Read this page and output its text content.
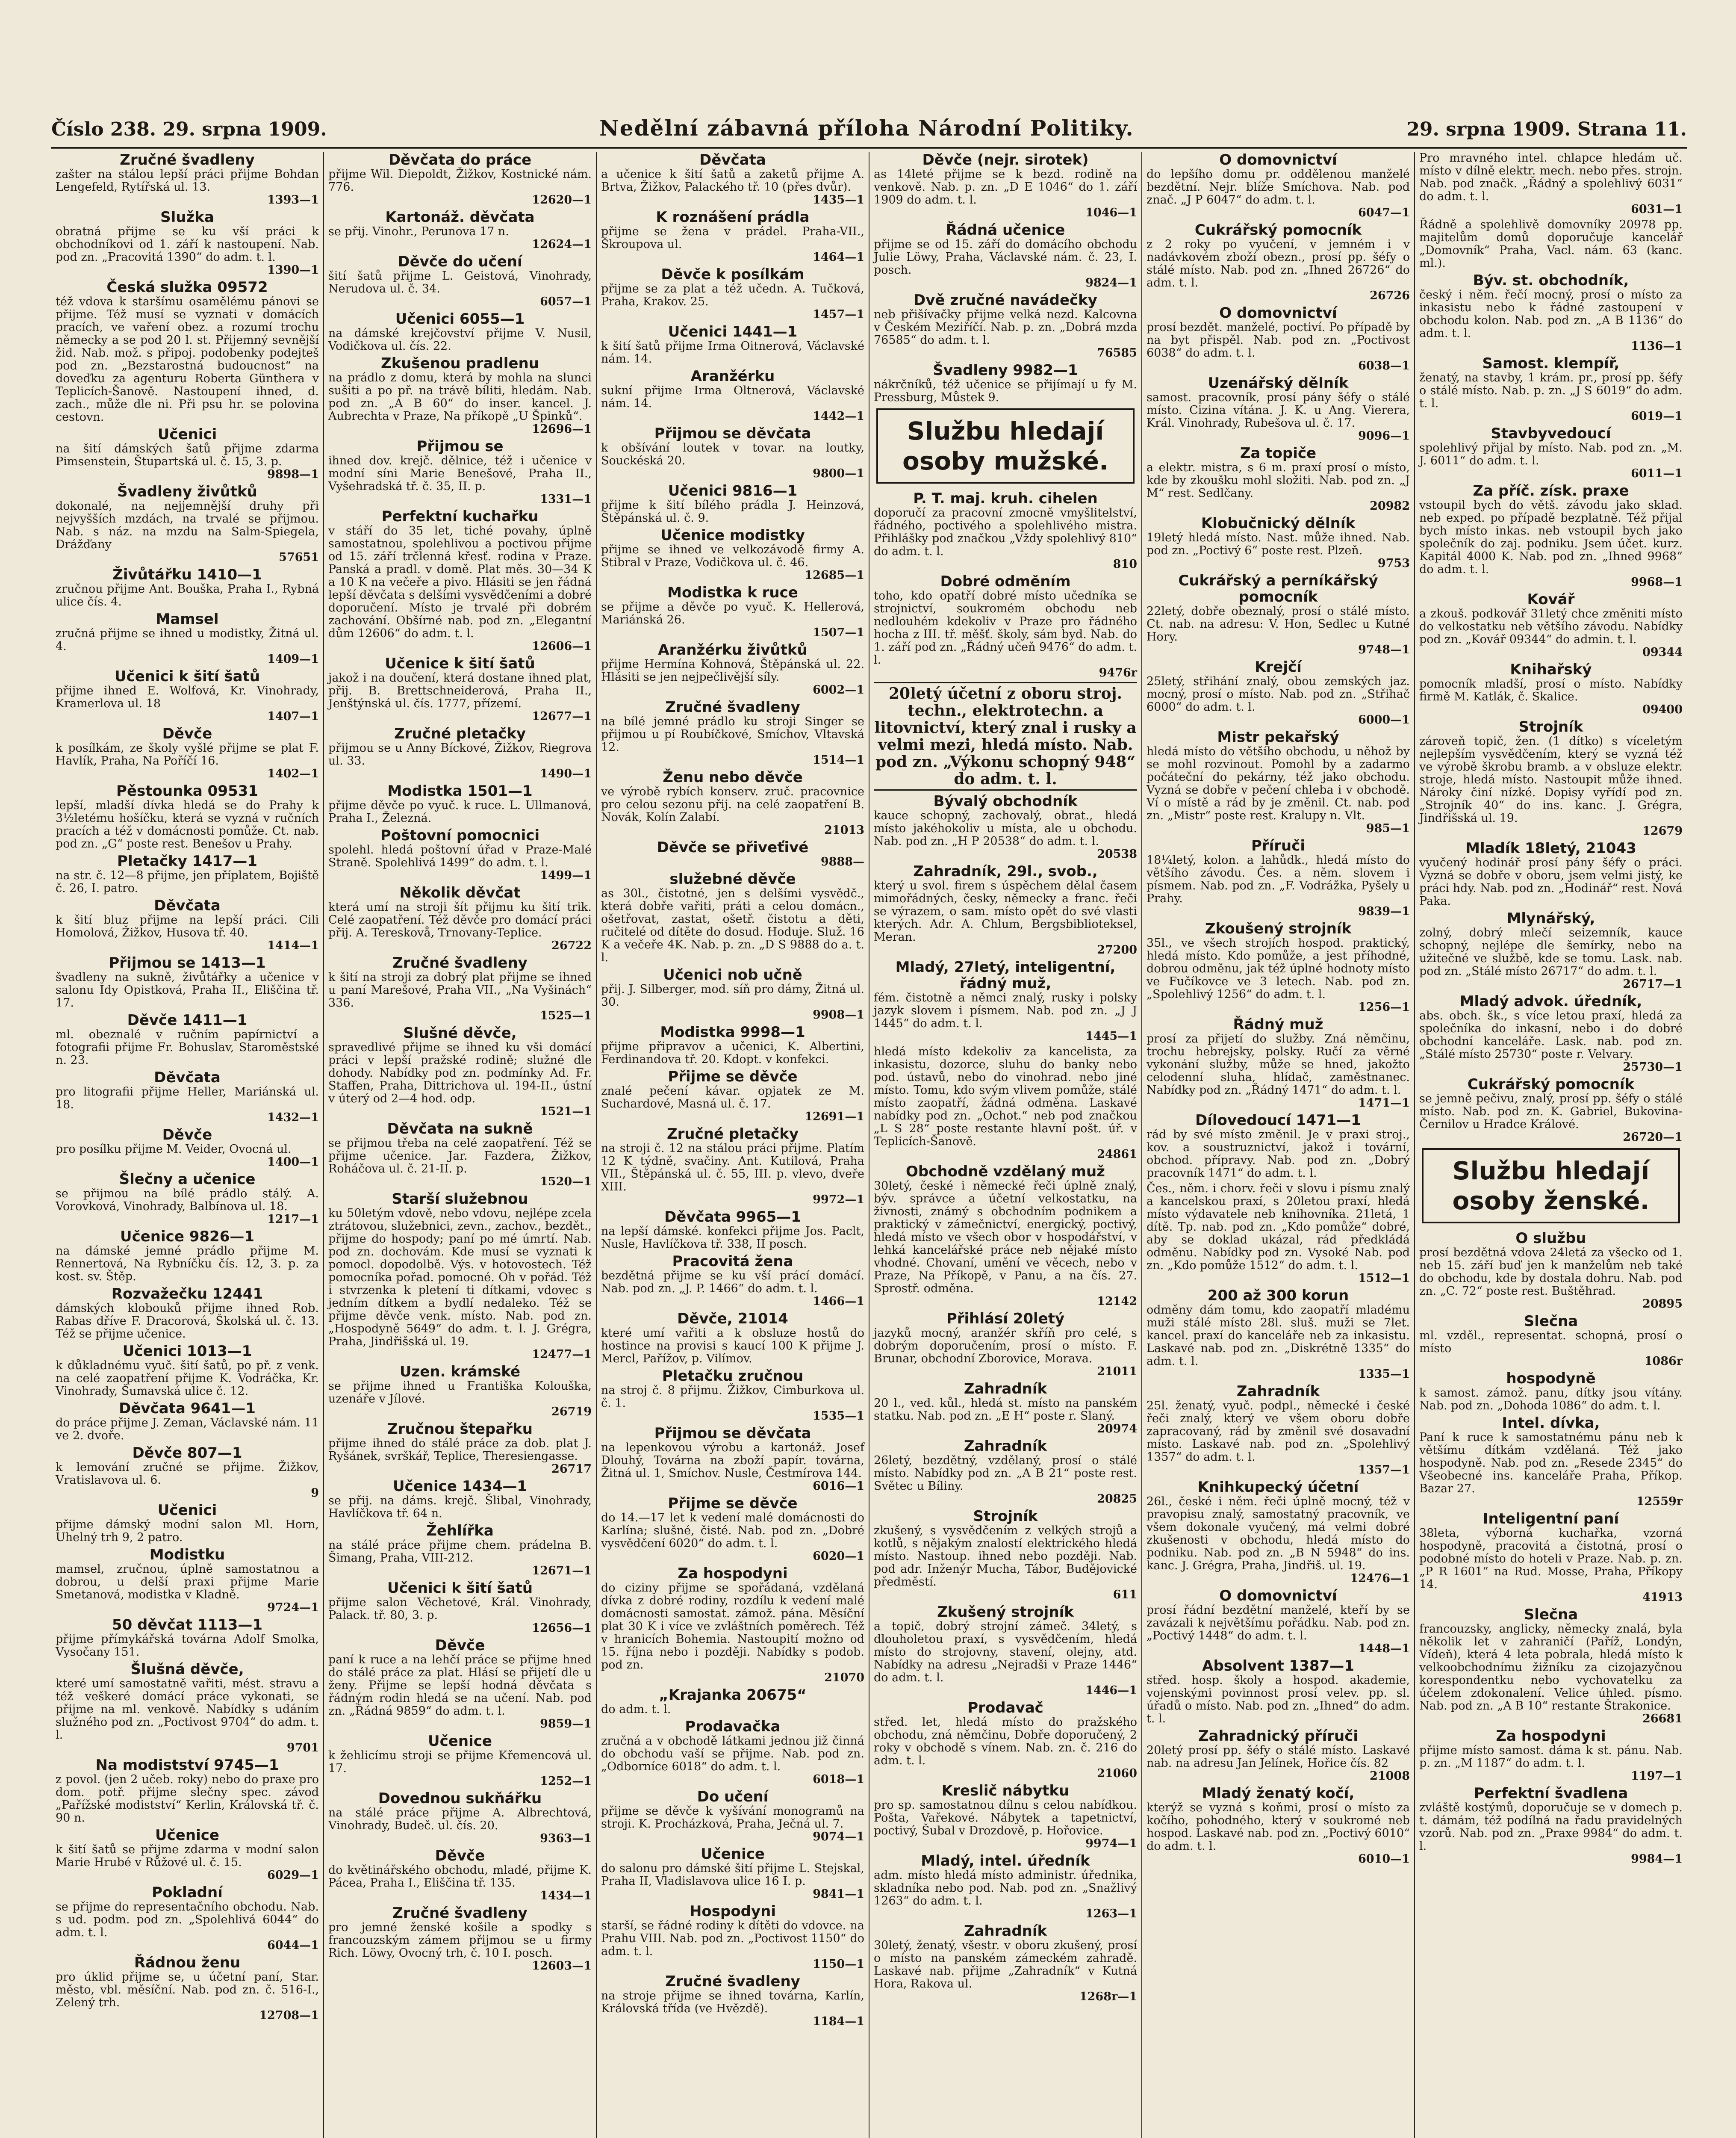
Číslo 238. 29. srpna 1909.	Nedělní zábavná příloha Národní Politiky.	29. srpna 1909. Strana 11.
Zručné švadleny
zašter na stálou lepší práci přijme Bohdan Lengefeld, Rytířská ul. 13.
1393—1
Služka
obratná přijme se ku vší práci k obchodníkovi od 1. září k nastoupení. Nab. pod zn. „Pracovitá 1390“ do adm. t. l.
1390—1
Česká služka 09572
též vdova k staršímu osamělému pánovi se přijme. Též musí se vyznati v domácích pracích, ve vaření obez. a rozumí trochu německy a se pod 20 l. st. Přijemný sevnější žid. Nab. mož. s připoj. podobenky podejteš pod zn. „Bezstarostná budoucnost“ na doveďku za agenturu Roberta Günthera v Teplicích-Šanově. Nastoupení ihned, d. zach., může dle ni. Při psu hr. se polovina cestovn.
Učenici
na šití dámských šatů přijme zdarma Pimsenstein, Štupartská ul. č. 15, 3. p.
9898—1
Švadleny živůtků
dokonalé, na nejjemnější druhy při nejvyšších mzdách, na trvalé se přijmou. Nab. s náz. na mzdu na Salm-Spiegela, Drážďany
57651
Živůtářku 1410—1
zručnou přijme Ant. Bouška, Praha I., Rybná ulice čís. 4.
Mamsel
zručná přijme se ihned u modistky, Žitná ul. 4.
1409—1
Učenici k šití šatů
přijme ihned E. Wolfová, Kr. Vinohrady, Kramerlova ul. 18
1407—1
Děvče
k posílkám, ze školy vyšlé přijme se plat F. Havlík, Praha, Na Poříčí 16.
1402—1
Pěstounka 09531
lepší, mladší dívka hledá se do Prahy k 3½letému hošíčku, která se vyzná v ručních pracích a též v domácnosti pomůže. Ct. nab. pod zn. „G“ poste rest. Benešov u Prahy.
Pletačky 1417—1
na str. č. 12—8 přijme, jen příplatem, Bojiště č. 26, I. patro.
Děvčata
k šití bluz přijme na lepší práci. Cili Homolová, Žižkov, Husova tř. 40.
1414—1
Přijmou se 1413—1
švadleny na sukně, živůtářky a učenice v salonu Idy Opistková, Praha II., Eliščina tř. 17.
Děvče 1411—1
ml. obeznalé v ručním papírnictví a fotografii přijme Fr. Bohuslav, Staroměstské n. 23.
Děvčata
pro litografii přijme Heller, Mariánská ul. 18.
1432—1
Děvče
pro posílku přijme M. Veider, Ovocná ul.
1400—1
Šlečny a učenice
se přijmou na bílé prádlo stálý. A. Vorovková, Vinohrady, Balbínova ul. 18.
1217—1
Učenice 9826—1
na dámské jemné prádlo přijme M. Rennertová, Na Rybníčku čís. 12, 3. p. za kost. sv. Štěp.
Rozvažečku 12441
dámských klobouků přijme ihned Rob. Rabas dříve F. Dracorová, Školská ul. č. 13. Též se přijme učenice.
Učenici 1013—1
k důkladnému vyuč. šití šatů, po př. z venk. na celé zaopatření přijme K. Vodráčka, Kr. Vinohrady, Šumavská ulice č. 12.
Děvčata 9641—1
do práce přijme J. Zeman, Václavské nám. 11 ve 2. dvoře.
Děvče 807—1
k lemování zručné se přijme. Žižkov, Vratislavova ul. 6.
9
Učenici
přijme dámský modní salon Ml. Horn, Uhelný trh 9, 2 patro.
Modistku
mamsel, zručnou, úplně samostatnou a dobrou, u delší praxi přijme Marie Smetanová, modistka v Kladně.
9724—1
50 děvčat 1113—1
přijme přímykářská továrna Adolf Smolka, Vysočany 151.
Šlušná děvče,
které umí samostatně vařiti, mést. stravu a též veškeré domácí práce vykonati, se přijme na ml. venkově. Nabídky s udáním služného pod zn. „Poctivost 9704“ do adm. t. l.
9701
Na modistství 9745—1
z povol. (jen 2 učeb. roky) nebo do praxe pro dom. potř. přijme slečny spec. závod „Pařížské modistství“ Kerlin, Královská tř. č. 90 n.
Učenice
k šití šatů se přijme zdarma v modní salon Marie Hrubé v Růžové ul. č. 15.
6029—1
Pokladní
se přijme do representačního obchodu. Nab. s ud. podm. pod zn. „Spolehlivá 6044“ do adm. t. l.
6044—1
Řádnou ženu
pro úklid přijme se, u účetní paní, Star. město, vbl. měsíční. Nab. pod zn. č. 516-I., Zelený trh.
12708—1
Děvčata do práce
přijme Wil. Diepoldt, Žižkov, Kostnické nám. 776.
12620—1
Kartonáž. děvčata
se přij. Vinohr., Perunova 17 n.
12624—1
Děvče do učení
šití šatů přijme L. Geistová, Vinohrady, Nerudova ul. č. 34.
6057—1
Učenici 6055—1
na dámské krejčovství přijme V. Nusil, Vodičkova ul. čís. 22.
Zkušenou pradlenu
na prádlo z domu, která by mohla na slunci sušiti a po př. na trávě bíliti, hledám. Nab. pod zn. „A B 60“ do inser. kancel. J. Aubrechta v Praze, Na příkopě „U Špinků“.
12696—1
Přijmou se
ihned dov. krejč. dělnice, též i učenice v modní síni Marie Benešové, Praha II., Vyšehradská tř. č. 35, II. p.
1331—1
Perfektní kuchařku
v stáří do 35 let, tiché povahy, úplně samostatnou, spolehlivou a poctivou přijme od 15. září trčlenná křesť. rodina v Praze. Panská a pradl. v domě. Plat měs. 30—34 K a 10 K na večeře a pivo. Hlásiti se jen řádná lepší děvčata s delšími vysvědčeními a dobré doporučení. Místo je trvalé při dobrém zachování. Obšírné nab. pod zn. „Elegantní dům 12606“ do adm. t. l.
12606—1
Učenice k šití šatů
jakož i na doučení, která dostane ihned plat, přij. B. Brettschneiderová, Praha II., Jenštýnská ul. čís. 1777, přízemí.
12677—1
Zručné pletačky
přijmou se u Anny Bíckové, Žižkov, Riegrova ul. 33.
1490—1
Modistka 1501—1
přijme děvče po vyuč. k ruce. L. Ullmanová, Praha I., Železná.
Poštovní pomocnici
spolehl. hledá poštovní úřad v Praze-Malé Straně. Spolehlivá 1499“ do adm. t. l.
1499—1
Několik děvčat
která umí na stroji šít přijmu ku šití trik. Celé zaopatření. Též děvče pro domácí práci přij. A. Tereskovå, Trnovany-Teplice.
26722
Zručné švadleny
k šití na stroji za dobrý plat přijme se ihned u paní Marešové, Praha VII., „Na Vyšinách“ 336.
1525—1
Slušné děvče,
spravedlivé přijme se ihned ku vši domácí práci v lepší pražské rodině; služné dle dohody. Nabídky pod zn. podmínky Ad. Fr. Staffen, Praha, Dittrichova ul. 194-II., ústní v úterý od 2—4 hod. odp.
1521—1
Děvčata na sukně
se přijmou třeba na celé zaopatření. Též se přijme učenice. Jar. Fazdera, Žižkov, Roháčova ul. č. 21-II. p.
1520—1
Starší služebnou
ku 50letým vdově, nebo vdovu, nejlépe zcela ztrátovou, služebnici, zevn., zachov., bezdět., přijme do hospody; paní po mé úmrtí. Nab. pod zn. dochovám. Kde musí se vyznati k pomocl. dopodolbě. Výs. v hotovostech. Též pomocníka pořad. pomocné. Oh v pořád. Též i stvrzenka k pletení ti dítkami, vdovec s jedním dítkem a bydlí nedaleko. Též se přijme děvče venk. místo. Nab. pod zn. „Hospodyně 5649“ do adm. t. l. J. Grégra, Praha, Jindřišská ul. 19.
12477—1
Uzen. krámské
se přijme ihned u Františka Kolouška, uzenáře v Jílové.
26719
Zručnou štepařku
přijme ihned do stálé práce za dob. plat J. Ryšánek, svrškář, Teplice, Theresiengasse.
26717
Učenice 1434—1
se přij. na dáms. krejč. Šlibal, Vinohrady, Havlíčkova tř. 64 n.
Žehlířka
na stálé práce přijme chem. prádelna B. Šimang, Praha, VIII-212.
12671—1
Učenici k šití šatů
přijme salon Věchetové, Král. Vinohrady, Palack. tř. 80, 3. p.
12656—1
Děvče
paní k ruce a na lehčí práce se přijme hned do stálé práce za plat. Hlásí se přijetí dle u ženy. Přijme se lepší hodná děvčata s řádným rodin hledá se na učení. Nab. pod zn. „Řádná 9859“ do adm. t. l.
9859—1
Učenice
k žehlicímu stroji se přijme Křemencová ul. 17.
1252—1
Dovednou sukňářku
na stálé práce přijme A. Albrechtová, Vinohrady, Budeč. ul. čís. 20.
9363—1
Děvče
do květinářského obchodu, mladé, přijme K. Pácea, Praha I., Eliščina tř. 135.
1434—1
Zručné švadleny
pro jemné ženské košile a spodky s francouzským zámem přijmou se u firmy Rich. Löwy, Ovocný trh, č. 10 I. posch.
12603—1
Děvčata
a učenice k šití šatů a zaketů přijme A. Brtva, Žižkov, Palackého tř. 10 (přes dvůr).
1435—1
K roznášení prádla
přijme se žena v prádel. Praha-VII., Škroupova ul.
1464—1
Děvče k posílkám
přijme se za plat a též učedn. A. Tučková, Praha, Krakov. 25.
1457—1
Učenici 1441—1
k šití šatů přijme Irma Oitnerová, Václavské nám. 14.
Aranžérku
sukní přijme Irma Oltnerová, Václavské nám. 14.
1442—1
Přijmou se děvčata
k obšívání loutek v tovar. na loutky, Souckéská 20.
9800—1
Učenici 9816—1
přijme k šití bílého prádla J. Heinzová, Štěpánská ul. č. 9.
Učenice modistky
přijme se ihned ve velkozávodě firmy A. Stibral v Praze, Vodičkova ul. č. 46.
12685—1
Modistka k ruce
se přijme a děvče po vyuč. K. Hellerová, Mariánská 26.
1507—1
Aranžérku živůtků
přijme Hermína Kohnová, Štěpánská ul. 22. Hlásiti se jen nejpečlivější síly.
6002—1
Zručné švadleny
na bílé jemné prádlo ku stroji Singer se přijmou u pí Roubíčkové, Smíchov, Vltavská 12.
1514—1
Ženu nebo děvče
ve výrobě rybích konserv. zruč. pracovnice pro celou sezonu přij. na celé zaopatření B. Novák, Kolín Zalabí.
21013
Děvče se přiveťivé
9888—
služebné děvče
as 30l., čistotné, jen s delšími vysvědč., která dobře vařiti, práti a celou domácn., ošetřovat, zastat, ošetř. čistotu a děti, ručitelé od dítěte do dosud. Hoduje. Služ. 16 K a večeře 4K. Nab. p. zn. „D S 9888 do a. t. l.
Učenici nob učně
přij. J. Silberger, mod. síň pro dámy, Žitná ul. 30.
9908—1
Modistka 9998—1
přijme připravov a učenici, K. Albertini, Ferdinandova tř. 20. Kdopt. v konfekci.
Přijme se děvče
znalé pečení kávar. opjatek ze M. Suchardové, Masná ul. č. 17.
12691—1
Zručné pletačky
na stroji č. 12 na stálou práci přijme. Platím 12 K týdně, svačiny. Ant. Kutilová, Praha VII., Štěpánská ul. č. 55, III. p. vlevo, dveře XIII.
9972—1
Děvčata 9965—1
na lepší dámské. konfekci přijme Jos. Paclt, Nusle, Havlíčkova tř. 338, II posch.
Pracovitá žena
bezdětná přijme se ku vší prácí domácí. Nab. pod zn. „J. P. 1466“ do adm. t. l.
1466—1
Děvče, 21014
které umí vařiti a k obsluze hostů do hostince na provisi s kaucí 100 K přijme J. Mercl, Pařížov, p. Vilímov.
Pletačku zručnou
na stroj č. 8 přijmu. Žižkov, Cimburkova ul. č. 1.
1535—1
Přijmou se děvčata
na lepenkovou výrobu a kartonáž. Josef Dlouhý, Továrna na zboží papír. továrna, Žitná ul. 1, Smíchov. Nusle, Čestmírova 144.
6016—1
Přijme se děvče
do 14.—17 let k vedení malé domácnosti do Karlína; slušné, čisté. Nab. pod zn. „Dobré vysvědčení 6020“ do adm. t. l.
6020—1
Za hospodyni
do ciziny přijme se spořádaná, vzdělaná dívka z dobré rodiny, rozdílu k vedení malé domácnosti samostat. zámož. pána. Měsíční plat 30 K i více ve zvláštních poměrech. Též v hranicích Bohemia. Nastoupití možno od 15. října nebo i později. Nabídky s podob. pod zn.
21070
„Krajanka 20675“
do adm. t. l.
Prodavačka
zručná a v obchodě látkami jednou již činná do obchodu vaší se přijme. Nab. pod zn. „Odborníce 6018“ do adm. t. l.
6018—1
Do učení
přijme se děvče k vyšívání monogramů na stroji. K. Procházková, Praha, Ječná ul. 7.
9074—1
Učenice
do salonu pro dámské šití přijme L. Stejskal, Praha II, Vladislavova ulice 16 I. p.
9841—1
Hospodyni
starší, se řádné rodiny k dítěti do vdovce. na Prahu VIII. Nab. pod zn. „Poctivost 1150“ do adm. t. l.
1150—1
Zručné švadleny
na stroje přijme se ihned továrna, Karlín, Královská třída (ve Hvězdě).
1184—1
Děvče (nejr. sirotek)
as 14leté přijme se k bezd. rodině na venkově. Nab. p. zn. „D E 1046“ do 1. září 1909 do adm. t. l.
1046—1
Řádná učenice
přijme se od 15. září do domácího obchodu Julie Löwy, Praha, Václavské nám. č. 23, I. posch.
9824—1
Dvě zručné navádečky
neb přišívačky přijme velká nezd. Kalcovna v Českém Meziříčí. Nab. p. zn. „Dobrá mzda 76585“ do adm. t. l.
76585
Švadleny 9982—1
nákrčníků, též učenice se přijímají u fy M. Pressburg, Můstek 9.
Službu hledají osoby mužské.
P. T. maj. kruh. cihelen
doporučí za pracovní zmocně vmyšlitelství, řádného, poctivého a spolehlivého mistra. Přihlášky pod značkou „Vždy spolehlivý 810“ do adm. t. l.
810
Dobré odměním
toho, kdo opatří dobré místo učedníka se strojnictví, soukromém obchodu neb nedlouhém kdekoliv v Praze pro řádného hocha z III. tř. měšť. školy, sám byd. Nab. do 1. září pod zn. „Řádný učeň 9476“ do adm. t. l.
9476r
20letý účetní z oboru stroj. techn., elektrotechn. a litovnictví, který znal i rusky a velmi mezi, hledá místo. Nab. pod zn. „Výkonu schopný 948“ do adm. t. l.
Bývalý obchodník
kauce schopný, zachovalý, obrat., hledá místo jakéhokoliv u místa, ale u obchodu. Nab. pod zn. „H P 20538“ do adm. t. l.
20538
Zahradník, 29l., svob.,
který u svol. firem s úspěchem dělal časem mimořádných, česky, německy a franc. řeči se výrazem, o sam. místo opět do své vlasti kterých. Adr. A. Chlum, Bergsbiblioteksel, Meran.
27200
Mladý, 27letý, inteligentní, řádný muž,
fém. čistotně a němci znalý, rusky i polsky jazyk slovem i písmem. Nab. pod zn. „J J 1445“ do adm. t. l.
1445—1
hledá místo kdekoliv za kancelista, za inkasistu, dozorce, sluhu do banky nebo pod. ústavů, nebo do vinohrad. nebo jiné místo. Tomu, kdo svým vlivem pomůže, stálé místo zaopatří, žádná odměna. Laskavé nabídky pod zn. „Ochot.“ neb pod značkou „L S 28“ poste restante hlavní pošt. úř. v Teplicích-Šanově.
24861
Obchodně vzdělaný muž
30letý, české i německé řeči úplně znalý, býv. správce a účetní velkostatku, na živnosti, známý s obchodním podnikem a praktický v zámečnictví, energický, poctivý, hledá místo ve všech obor v hospodářství, v lehká kancelářské práce neb nějaké místo vhodné. Chovaní, umění ve věcech, nebo v Praze, Na Příkopě, v Panu, a na čís. 27. Sprostř. odměna.
12142
Přihlásí 20letý
jazyků mocný, aranžér skříň pro celé, s dobrým doporučením, prosí o místo. F. Brunar, obchodní Zborovice, Morava.
21011
Zahradník
20 l., ved. kůl., hledá st. místo na panském statku. Nab. pod zn. „E H“ poste r. Slaný.
20974
Zahradník
26letý, bezdětný, vzdělaný, prosí o stálé místo. Nabídky pod zn. „A B 21“ poste rest. Světec u Bíliny.
20825
Strojník
zkušený, s vysvědčením z velkých strojů a kotlů, s nějakým znalostí elektrického hledá místo. Nastoup. ihned nebo později. Nab. pod adr. Inženýr Mucha, Tábor, Budějovické předměstí.
611
Zkušený strojník
a topič, dobrý strojní zámeč. 34letý, s dlouholetou praxí, s vysvědčením, hledá místo do strojovny, stavení, olejny, atd. Nabídky na adresu „Nejradši v Praze 1446“ do adm. t. l.
1446—1
Prodavač
střed. let, hledá místo do pražského obchodu, zná němčinu, Dobře doporučený, 2 roky v obchodě s vínem. Nab. zn. č. 216 do adm. t. l.
21060
Kreslič nábytku
pro sp. samostatnou dílnu s celou nabídkou. Pošta, Vařekové. Nábytek a tapetnictví, poctivý, Šubal v Drozdově, p. Hořovice.
9974—1
Mladý, intel. úředník
adm. místo hledá místo administr. úřednika, skladníka nebo pod. Nab. pod zn. „Snažlivý 1263“ do adm. t. l.
1263—1
Zahradník
30letý, ženatý, všestr. v oboru zkušený, prosí o místo na panském zámeckém zahradě. Laskavé nab. přijme „Zahradník“ v Kutná Hora, Rakova ul.
1268r—1
O domovnictví
do lepšího domu pr. oddělenou manželé bezdětní. Nejr. blíže Smíchova. Nab. pod znač. „J P 6047“ do adm. t. l.
6047—1
Cukrářský pomocník
z 2 roky po vyučení, v jemném i v nadávkovém zboží obezn., prosí pp. šéfy o stálé místo. Nab. pod zn. „Ihned 26726“ do adm. t. l.
26726
O domovnictví
prosí bezdět. manželé, poctiví. Po případě by na byt přispěl. Nab. pod zn. „Poctivost 6038“ do adm. t. l.
6038—1
Uzenářský dělník
samost. pracovník, prosí pány šéfy o stálé místo. Cizina vítána. J. K. u Ang. Vierera, Král. Vinohrady, Rubešova ul. č. 17.
9096—1
Za topiče
a elektr. mistra, s 6 m. praxí prosí o místo, kde by zkoušku mohl složiti. Nab. pod zn. „J M“ rest. Sedlčany.
20982
Klobučnický dělník
19letý hledá místo. Nast. může ihned. Nab. pod zn. „Poctivý 6“ poste rest. Plzeň.
9753
Cukrářský a perníkářský pomocník
22letý, dobře obeznalý, prosí o stálé místo. Ct. nab. na adresu: V. Hon, Sedlec u Kutné Hory.
9748—1
Krejčí
25letý, střihání znalý, obou zemských jaz. mocný, prosí o místo. Nab. pod zn. „Střihač 6000“ do adm. t. l.
6000—1
Mistr pekařský
hledá místo do většího obchodu, u něhož by se mohl rozvinout. Pomohl by a zadarmo počáteční do pekárny, též jako obchodu. Vyzná se dobře v pečení chleba i v obchodě. Ví o místě a rád by je změnil. Ct. nab. pod zn. „Mistr“ poste rest. Kralupy n. Vlt.
985—1
Příruči
18¼letý, kolon. a lahůdk., hledá místo do většího závodu. Čes. a něm. slovem i písmem. Nab. pod zn. „F. Vodrážka, Pyšely u Prahy.
9839—1
Zkoušený strojník
35l., ve všech strojích hospod. praktický, hledá místo. Kdo pomůže, a jest příhodné, dobrou odměnu, jak též úplné hodnoty místo ve Fučíkovce ve 3 letech. Nab. pod zn. „Spolehlivý 1256“ do adm. t. l.
1256—1
Řádný muž
prosí za přijetí do služby. Zná němčinu, trochu hebrejsky, polsky. Ručí za věrné vykonání služby, může se hned, jakožto celodenní sluha, hlídač, zaměstnanec. Nabídky pod zn. „Řádný 1471“ do adm. t. l.
1471—1
Dílovedoucí 1471—1
rád by své místo změnil. Je v praxi stroj., kov. a soustruznictví, jakož i tovární, obchod. přípravy. Nab. pod zn. „Dobrý pracovník 1471“ do adm. t. l.
Čes., něm. i chorv. řeči v slovu i písmu znalý a kancelskou praxí, s 20letou praxí, hledá místo výdavatele neb knihovníka. 21letá, 1 dítě. Tp. nab. pod zn. „Kdo pomůže“ dobré, aby se doklad ukázal, rád předkládá odměnu. Nabídky pod zn. Vysoké Nab. pod zn. „Kdo pomůže 1512“ do adm. t. l.
1512—1
200 až 300 korun
odměny dám tomu, kdo zaopatří mladému muži stálé místo 28l. sluš. muži se 7let. kancel. praxí do kanceláře neb za inkasistu. Laskavé nab. pod zn. „Diskrétně 1335“ do adm. t. l.
1335—1
Zahradník
25l. ženatý, vyuč. podpl., německé i české řeči znalý, který ve všem oboru dobře zapracovaný, rád by změnil své dosavadní místo. Laskavé nab. pod zn. „Spolehlivý 1357“ do adm. t. l.
1357—1
Knihkupecký účetní
26l., české i něm. řeči úplně mocný, též v pravopisu znalý, samostatný pracovník, ve všem dokonale vyučený, má velmi dobré zkušenosti v obchodu, hledá místo do podniku. Nab. pod zn. „B N 5948“ do ins. kanc. J. Grégra, Praha, Jindřiš. ul. 19.
12476—1
O domovnictví
prosí řádní bezdětní manželé, kteří by se zavázali k největšímu pořádku. Nab. pod zn. „Poctivý 1448“ do adm. t. l.
1448—1
Absolvent 1387—1
střed. hosp. školy a hospod. akademie, vojenskými povinnost prosí velev. pp. sl. úřadů o místo. Nab. pod zn. „Ihned“ do adm. t. l.
Zahradnický příruči
20letý prosí pp. šéfy o stálé místo. Laskavé nab. na adresu Jan Jelínek, Hořice čís. 82
21008
Mladý ženatý kočí,
kterýž se vyzná s koňmi, prosí o místo za kočího, pohodného, který v soukromé neb hospod. Laskavé nab. pod zn. „Poctivý 6010“ do adm. t. l.
6010—1
Pro mravného intel. chlapce hledám uč. místo v dílně elektr. mech. nebo přes. strojn. Nab. pod značk. „Řádný a spolehlivý 6031“ do adm. t. l.
6031—1
Řádně a spolehlivě domovníky 20978 pp. majitelům domů doporučuje kancelář „Domovník“ Praha, Vacl. nám. 63 (kanc. ml.).
Býv. st. obchodník,
český i něm. řečí mocný, prosí o místo za inkasistu nebo k řádné zastoupení v obchodu kolon. Nab. pod zn. „A B 1136“ do adm. t. l.
1136—1
Samost. klempíř,
ženatý, na stavby, 1 krám. pr., prosí pp. šéfy o stálé místo. Nab. p. zn. „J S 6019“ do adm. t. l.
6019—1
Stavbyvedoucí
spolehlivý přijal by místo. Nab. pod zn. „M. J. 6011“ do adm. t. l.
6011—1
Za příč. získ. praxe
vstoupil bych do větš. závodu jako sklad. neb exped. po případě bezplatně. Též přijal bych místo inkas. neb vstoupil bych jako společník do zaj. podniku. Jsem účet. kurz. Kapitál 4000 K. Nab. pod zn. „Ihned 9968“ do adm. t. l.
9968—1
Kovář
a zkouš. podkovář 31letý chce změniti místo do velkostatku neb většího závodu. Nabídky pod zn. „Kovář 09344“ do admin. t. l.
09344
Knihařský
pomocník mladší, prosí o místo. Nabídky firmě M. Katlák, č. Skalice.
09400
Strojník
zároveň topič, žen. (1 dítko) s víceletým nejlepším vysvědčením, který se vyzná též ve výrobě škrobu bramb. a v obsluze elektr. stroje, hledá místo. Nastoupit může ihned. Nároky činí nízké. Dopisy vyřídí pod zn. „Strojník 40“ do ins. kanc. J. Grégra, Jindřišská ul. 19.
12679
Mladík 18letý, 21043
vyučený hodinář prosí pány šéfy o práci. Vyzná se dobře v oboru, jsem velmi jistý, ke práci hdy. Nab. pod zn. „Hodinář“ rest. Nová Paka.
Mlynářský,
zolný, dobrý mlečí seizemník, kauce schopný, nejlépe dle šemírky, nebo na užitečné ve službě, kde se tomu. Lask. nab. pod zn. „Stálé místo 26717“ do adm. t. l.
26717—1
Mladý advok. úředník,
abs. obch. šk., s více letou praxí, hledá za společníka do inkasní, nebo i do dobré obchodní kanceláře. Lask. nab. pod zn. „Stálé místo 25730“ poste r. Velvary.
25730—1
Cukrářský pomocník
se jemně pečivu, znalý, prosí pp. šéfy o stálé místo. Nab. pod zn. K. Gabriel, Bukovina-Černilov u Hradce Králové.
26720—1
Službu hledají osoby ženské.
O službu
prosí bezdětná vdova 24letá za všecko od 1. neb 15. září buď jen k manželům neb také do obchodu, kde by dostala dohru. Nab. pod zn. „C. 72“ poste rest. Buštěhrad.
20895
Slečna
ml. vzděl., representat. schopná, prosí o místo
1086r
hospodyně
k samost. zámož. panu, dítky jsou vítány. Nab. pod zn. „Dohoda 1086“ do adm. t. l.
Intel. dívka,
Paní k ruce k samostatnému pánu neb k většímu dítkám vzdělaná. Též jako hospodyně. Nab. pod zn. „Resede 2345“ do Všeobecné ins. kanceláře Praha, Příkop. Bazar 27.
12559r
Inteligentní paní
38leta, výborná kuchařka, vzorná hospodyně, pracovitá a čistotná, prosí o podobné místo do hoteli v Praze. Nab. p. zn. „P R 1601“ na Rud. Mosse, Praha, Příkopy 14.
41913
Slečna
francouzsky, anglicky, německy znalá, byla několik let v zahraničí (Paříž, Londýn, Vídeň), která 4 leta pobrala, hledá místo k velkoobchodnímu žižníku za cizojazyčnou korespondentku nebo vychovatelku za účelem zdokonalení. Velice úhled. písmo. Nab. pod zn. „A B 10“ restante Štrakonice.
26681
Za hospodyni
přijme místo samost. dáma k st. pánu. Nab. p. zn. „M 1187“ do adm. t. l.
1197—1
Perfektní švadlena
zvláště kostýmů, doporučuje se v domech p. t. dámám, též podílná na řadu pravidelných vzorů. Nab. pod zn. „Praxe 9984“ do adm. t. l.
9984—1
